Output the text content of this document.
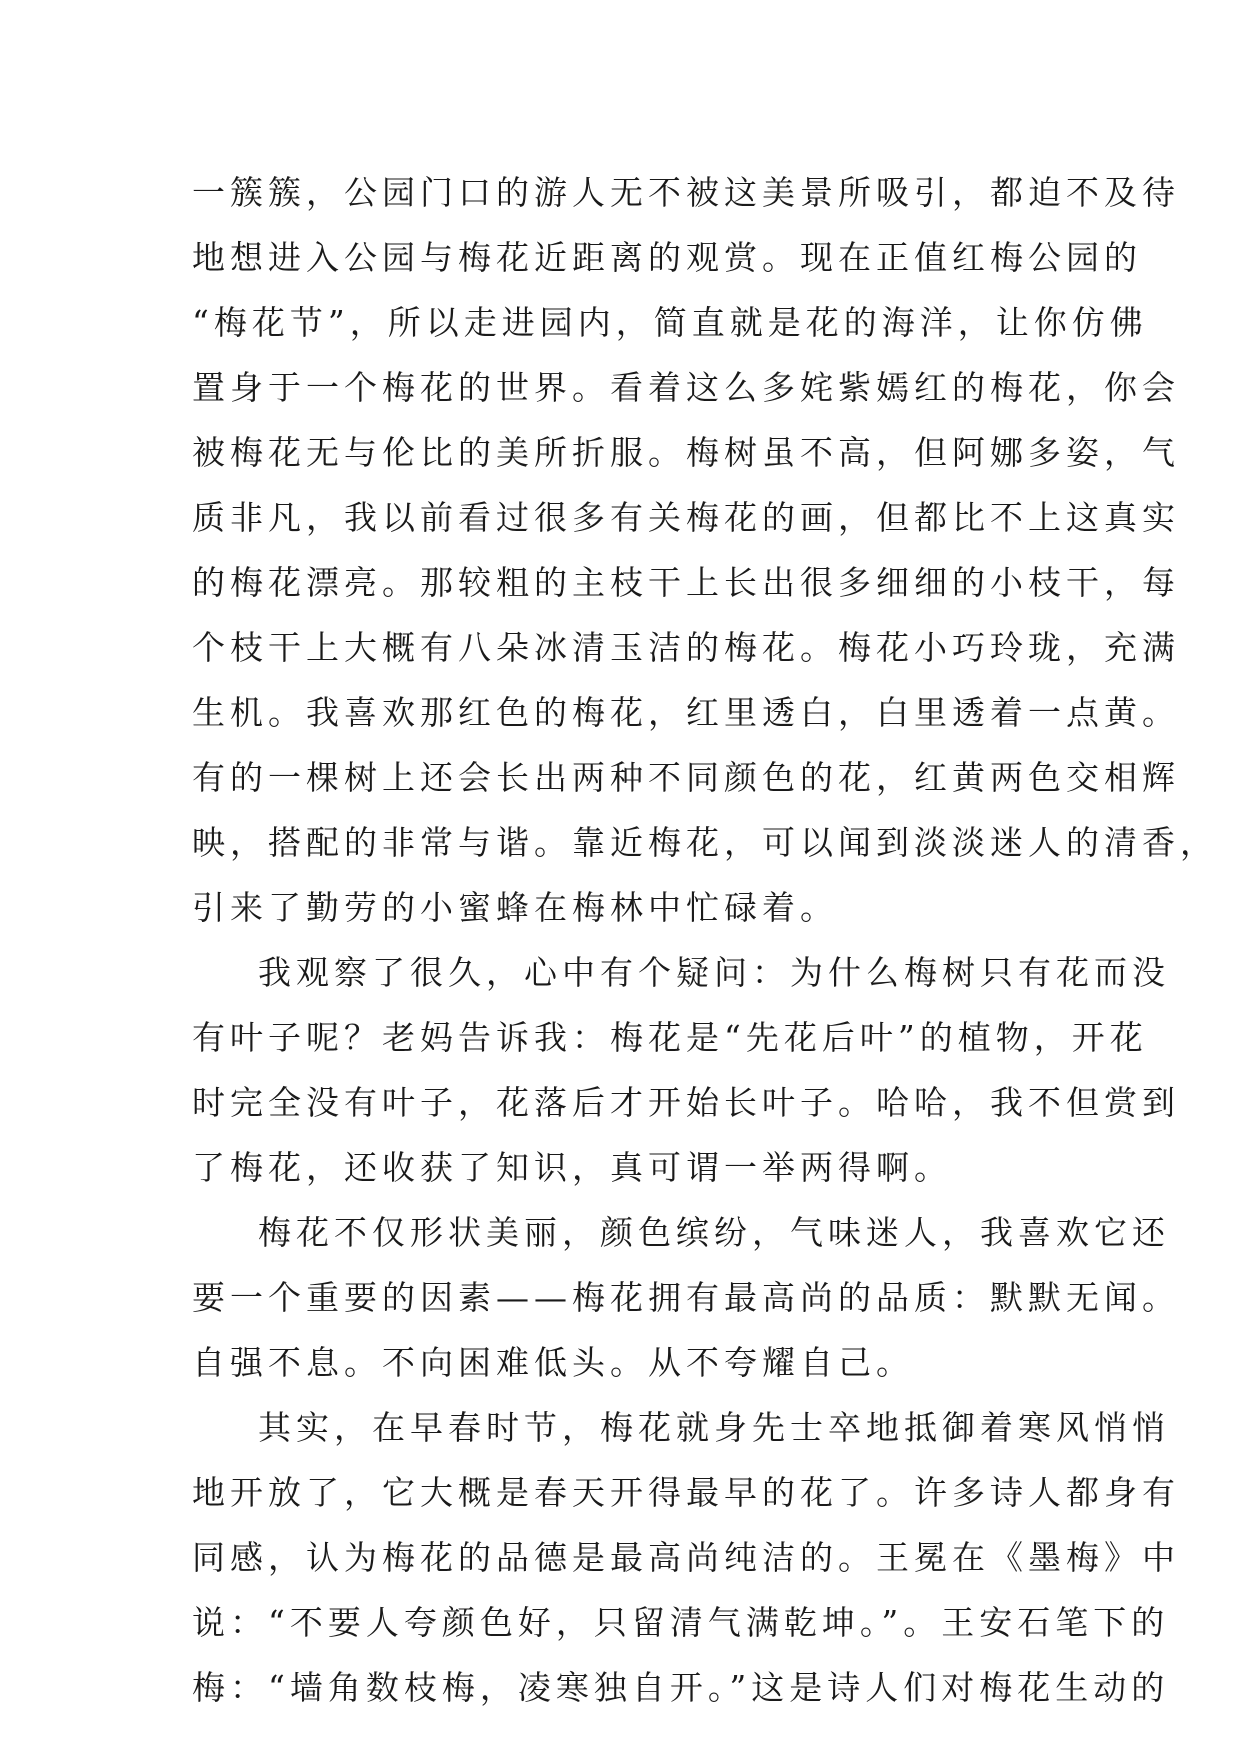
一簇簇，公园门口的游人无不被这美景所吸引，都迫不及待
地想进入公园与梅花近距离的观赏。现在正值红梅公园的
“梅花节”，所以走进园内，简直就是花的海洋，让你仿佛
置身于一个梅花的世界。看着这么多姹紫嫣红的梅花，你会
被梅花无与伦比的美所折服。梅树虽不高，但阿娜多姿，气
质非凡，我以前看过很多有关梅花的画，但都比不上这真实
的梅花漂亮。那较粗的主枝干上长出很多细细的小枝干，每
个枝干上大概有八朵冰清玉洁的梅花。梅花小巧玲珑，充满
生机。我喜欢那红色的梅花，红里透白，白里透着一点黄。
有的一棵树上还会长出两种不同颜色的花，红黄两色交相辉
映，搭配的非常与谐。靠近梅花，可以闻到淡淡迷人的清香，
引来了勤劳的小蜜蜂在梅林中忙碌着。
我观察了很久，心中有个疑问：为什么梅树只有花而没
有叶子呢？老妈告诉我：梅花是“先花后叶”的植物，开花
时完全没有叶子，花落后才开始长叶子。哈哈，我不但赏到
了梅花，还收获了知识，真可谓一举两得啊。
梅花不仅形状美丽，颜色缤纷，气味迷人，我喜欢它还
要一个重要的因素——梅花拥有最高尚的品质：默默无闻。
自强不息。不向困难低头。从不夸耀自己。
其实，在早春时节，梅花就身先士卒地抵御着寒风悄悄
地开放了，它大概是春天开得最早的花了。许多诗人都身有
同感，认为梅花的品德是最高尚纯洁的。王冕在《墨梅》中
说：“不要人夸颜色好，只留清气满乾坤。”。王安石笔下的
梅：“墙角数枝梅，凌寒独自开。”这是诗人们对梅花生动的
